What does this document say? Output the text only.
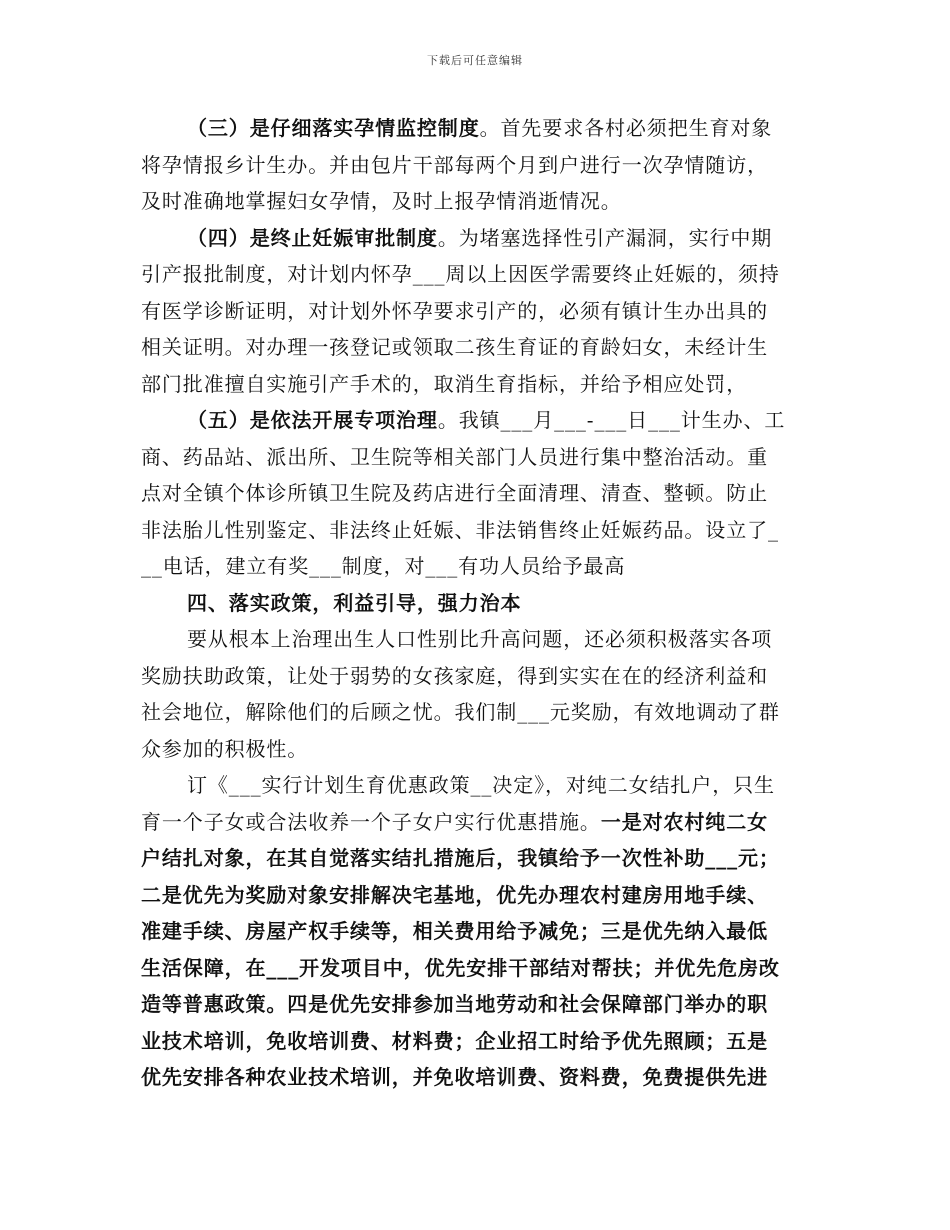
下载后可任意编辑
（三）是仔细落实孕情监控制度。首先要求各村必须把生育对象
将孕情报乡计生办。并由包片干部每两个月到户进行一次孕情随访，
及时准确地掌握妇女孕情，及时上报孕情消逝情况。
（四）是终止妊娠审批制度。为堵塞选择性引产漏洞，实行中期
引产报批制度，对计划内怀孕___周以上因医学需要终止妊娠的，须持
有医学诊断证明，对计划外怀孕要求引产的，必须有镇计生办出具的
相关证明。对办理一孩登记或领取二孩生育证的育龄妇女，未经计生
部门批准擅自实施引产手术的，取消生育指标，并给予相应处罚，
（五）是依法开展专项治理。我镇___月___-___日___计生办、工
商、药品站、派出所、卫生院等相关部门人员进行集中整治活动。重
点对全镇个体诊所镇卫生院及药店进行全面清理、清查、整顿。防止
非法胎儿性别鉴定、非法终止妊娠、非法销售终止妊娠药品。设立了_
__电话，建立有奖___制度，对___有功人员给予最高
四、落实政策，利益引导，强力治本
要从根本上治理出生人口性别比升高问题，还必须积极落实各项
奖励扶助政策，让处于弱势的女孩家庭，得到实实在在的经济利益和
社会地位，解除他们的后顾之忧。我们制___元奖励，有效地调动了群
众参加的积极性。
订《___实行计划生育优惠政策__决定》，对纯二女结扎户，只生
育一个子女或合法收养一个子女户实行优惠措施。一是对农村纯二女
户结扎对象，在其自觉落实结扎措施后，我镇给予一次性补助___元；
二是优先为奖励对象安排解决宅基地，优先办理农村建房用地手续、
准建手续、房屋产权手续等，相关费用给予减免；三是优先纳入最低
生活保障，在___开发项目中，优先安排干部结对帮扶；并优先危房改
造等普惠政策。四是优先安排参加当地劳动和社会保障部门举办的职
业技术培训，免收培训费、材料费；企业招工时给予优先照顾；五是
优先安排各种农业技术培训，并免收培训费、资料费，免费提供先进
